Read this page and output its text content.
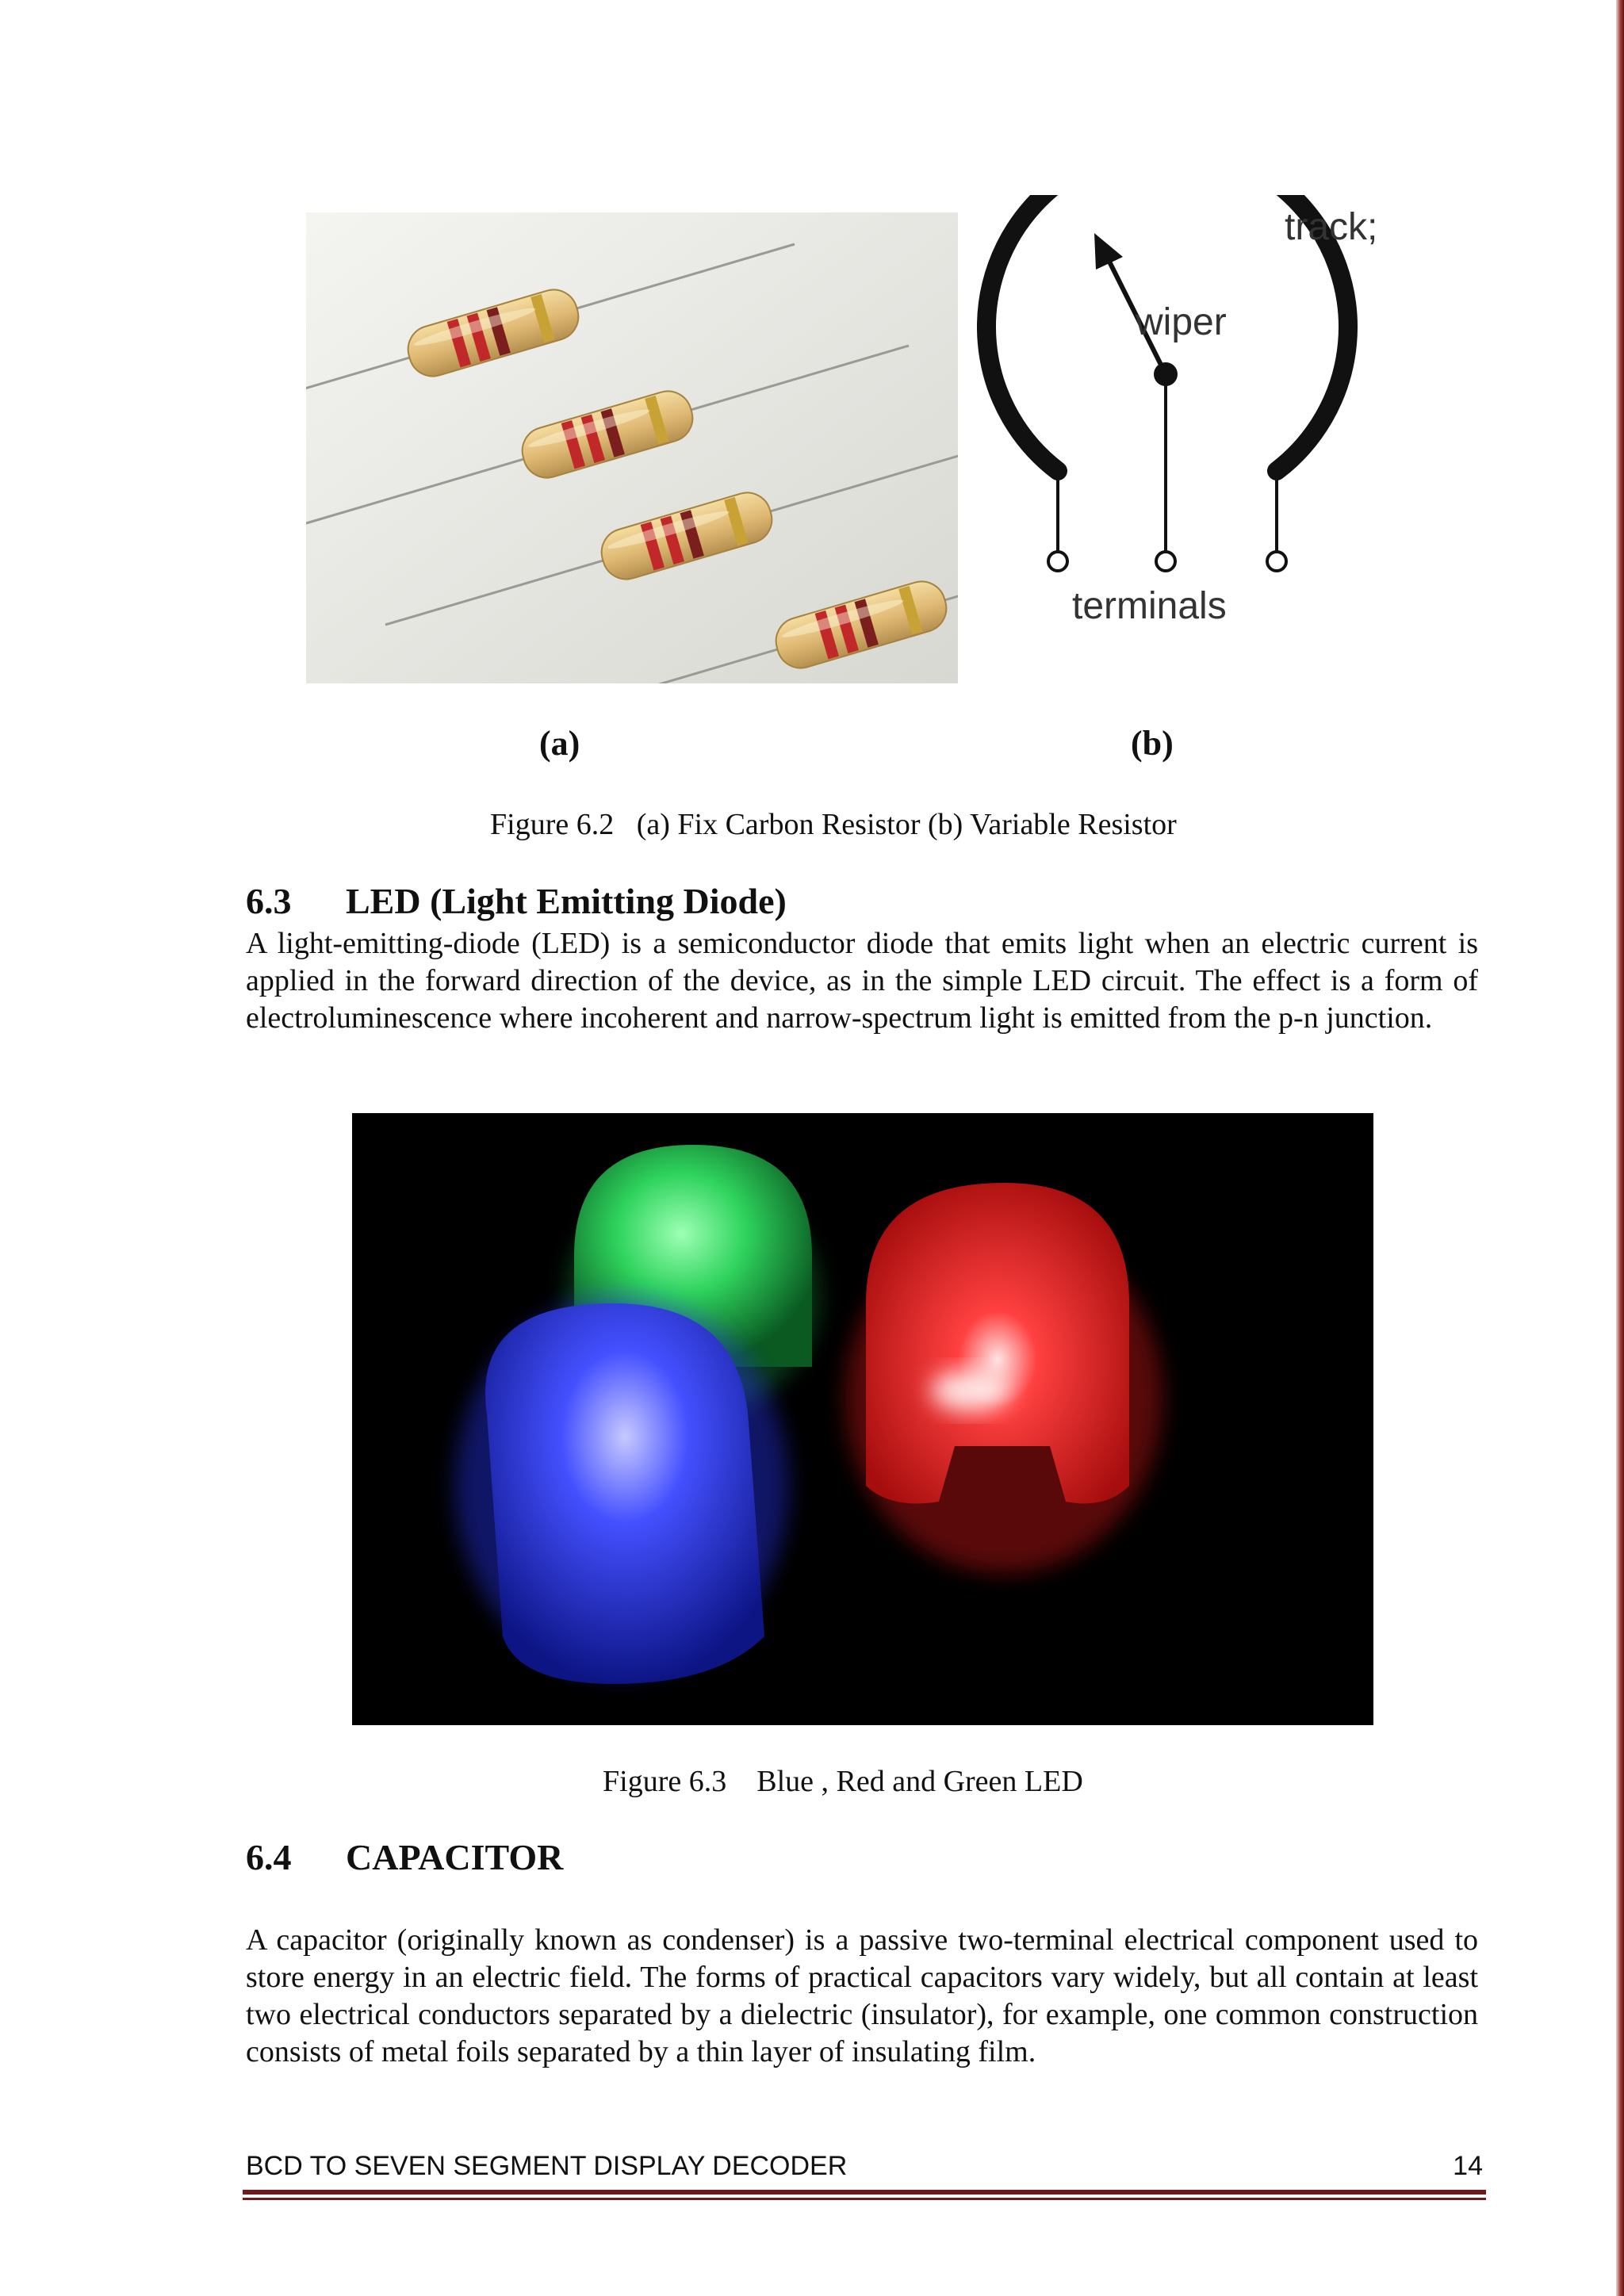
track;
wiper
terminals
(a)	(b)
Figure 6.2 (a) Fix Carbon Resistor (b) Variable Resistor
6.3 LED (Light Emitting Diode)

A light-emitting-diode (LED) is a semiconductor diode that emits light when an electric current is applied in the forward direction of the device, as in the simple LED circuit. The effect is a form of electroluminescence where incoherent and narrow-spectrum light is emitted from the p-n junction.

Figure 6.3 Blue , Red and Green LED
6.4 CAPACITOR

A capacitor (originally known as condenser) is a passive two-terminal electrical component used to store energy in an electric field. The forms of practical capacitors vary widely, but all contain at least two electrical conductors separated by a dielectric (insulator), for example, one common construction consists of metal foils separated by a thin layer of insulating film.

BCD TO SEVEN SEGMENT DISPLAY DECODER	14
